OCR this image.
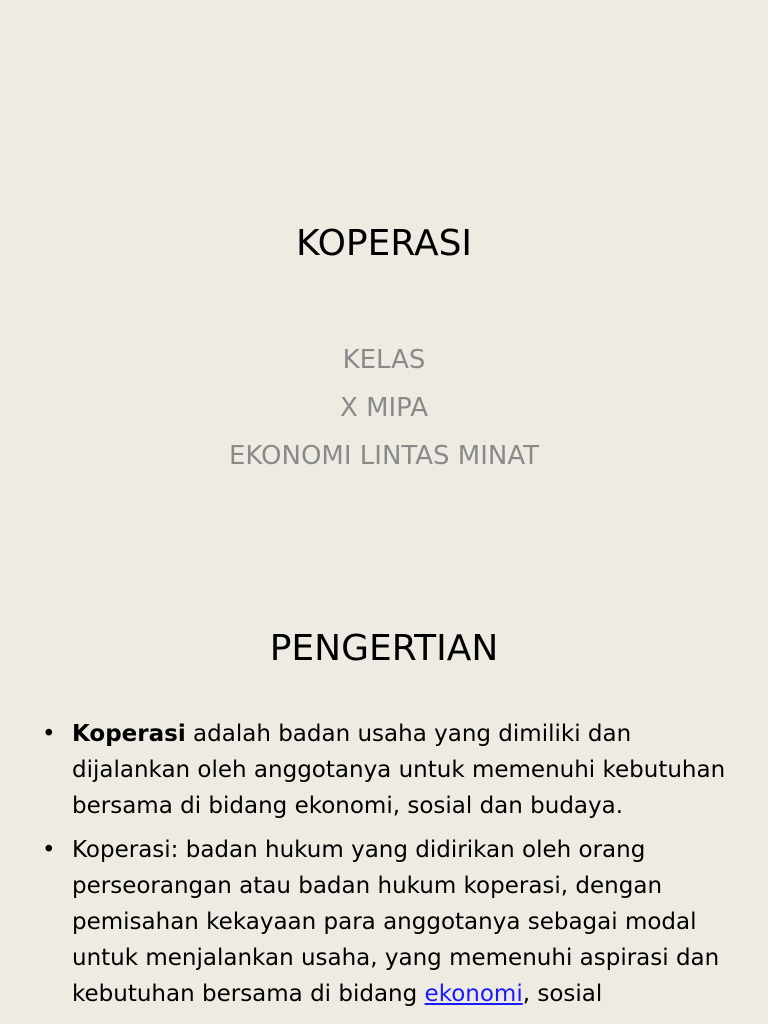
KOPERASI
KELAS
X MIPA
EKONOMI LINTAS MINAT
PENGERTIAN
• Koperasi adalah badan usaha yang dimiliki dan dijalankan oleh anggotanya untuk memenuhi kebutuhan bersama di bidang ekonomi, sosial dan budaya.
• Koperasi: badan hukum yang didirikan oleh orang perseorangan atau badan hukum koperasi, dengan pemisahan kekayaan para anggotanya sebagai modal untuk menjalankan usaha, yang memenuhi aspirasi dan kebutuhan bersama di bidang ekonomi, sosial
